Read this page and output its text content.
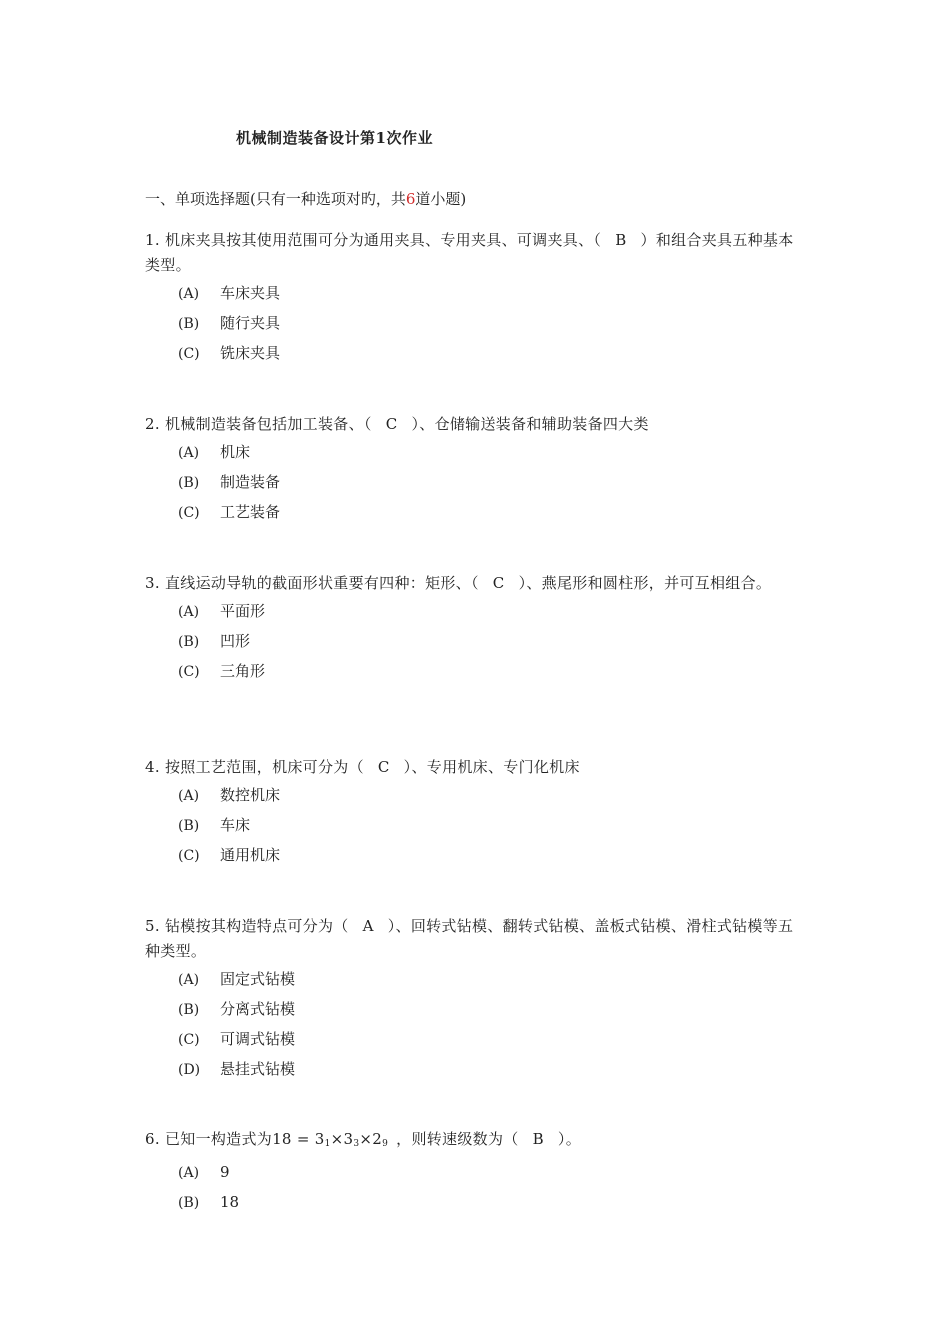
机械制造装备设计第1次作业
一、单项选择题(只有一种选项对旳，共6道小题)

1. 机床夹具按其使用范围可分为通用夹具、专用夹具、可调夹具、（ B ）和组合夹具五种基本类型。

(A) 车床夹具
(B) 随行夹具
(C) 铣床夹具

2. 机械制造装备包括加工装备、（ C ）、仓储输送装备和辅助装备四大类

(A) 机床
(B) 制造装备
(C) 工艺装备

3. 直线运动导轨的截面形状重要有四种：矩形、（ C ）、燕尾形和圆柱形，并可互相组合。

(A) 平面形
(B) 凹形
(C) 三角形

4. 按照工艺范围，机床可分为（ C ）、专用机床、专门化机床

(A) 数控机床
(B) 车床
(C) 通用机床

5. 钻模按其构造特点可分为（ A ）、回转式钻模、翻转式钻模、盖板式钻模、滑柱式钻模等五种类型。

(A) 固定式钻模
(B) 分离式钻模
(C) 可调式钻模
(D) 悬挂式钻模

6. 已知一构造式为$18 = 3_1\times 3_3\times 2_9$ ，则转速级数为（ B ）。

(A) 9
(B) 18
